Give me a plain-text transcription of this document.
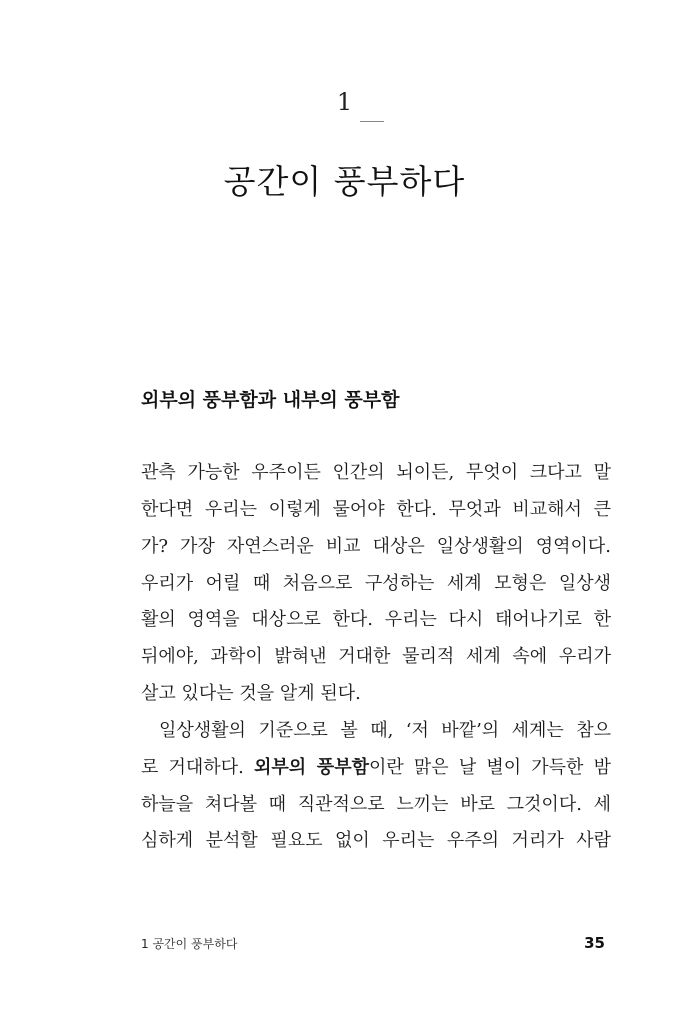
1
공간이 풍부하다
외부의 풍부함과 내부의 풍부함
관측 가능한 우주이든 인간의 뇌이든, 무엇이 크다고 말
한다면 우리는 이렇게 물어야 한다. 무엇과 비교해서 큰
가? 가장 자연스러운 비교 대상은 일상생활의 영역이다.
우리가 어릴 때 처음으로 구성하는 세계 모형은 일상생
활의 영역을 대상으로 한다. 우리는 다시 태어나기로 한
뒤에야, 과학이 밝혀낸 거대한 물리적 세계 속에 우리가
살고 있다는 것을 알게 된다.
일상생활의 기준으로 볼 때, ‘저 바깥’의 세계는 참으
로 거대하다. 외부의 풍부함이란 맑은 날 별이 가득한 밤
하늘을 쳐다볼 때 직관적으로 느끼는 바로 그것이다. 세
심하게 분석할 필요도 없이 우리는 우주의 거리가 사람
1 공간이 풍부하다	35
